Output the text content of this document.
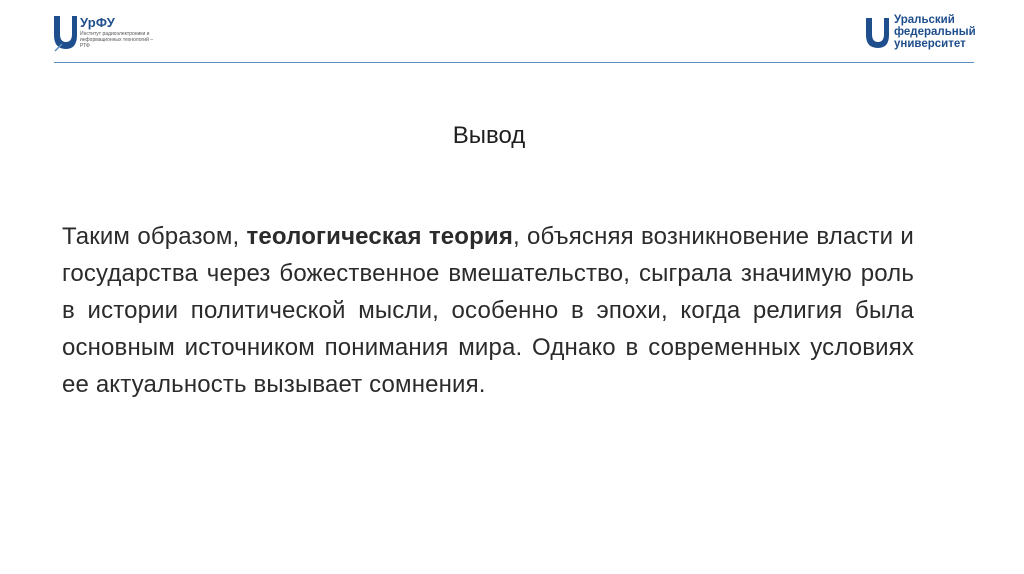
УрФУ
Институт радиоэлектроники и информационных технологий – РТФ
Уральский
федеральный
университет
Вывод
Таким образом, теологическая теория, объясняя возникновение власти и государства через божественное вмешательство, сыграла значимую роль в истории политической мысли, особенно в эпохи, когда религия была основным источником понимания мира. Однако в современных условиях ее актуальность вызывает сомнения.
